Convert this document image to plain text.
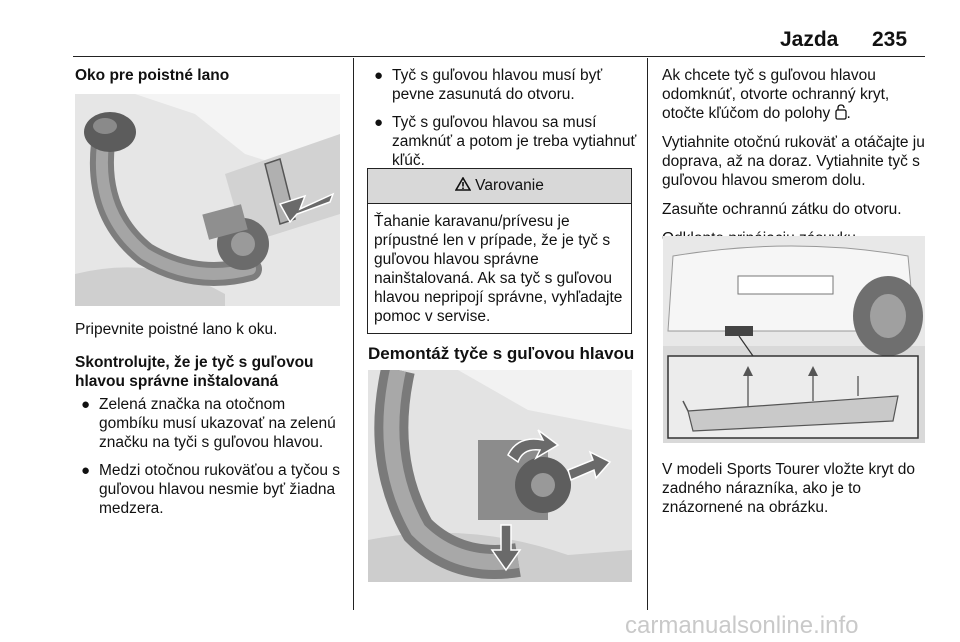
Jazda 235
Oko pre poistné lano

Pripevnite poistné lano k oku.

Skontrolujte, že je tyč s guľovou hlavou správne inštalovaná
● Zelená značka na otočnom gombíku musí ukazovať na zelenú značku na tyči s guľovou hlavou.
● Medzi otočnou rukoväťou a tyčou s guľovou hlavou nesmie byť žiadna medzera.
● Tyč s guľovou hlavou musí byť pevne zasunutá do otvoru.
● Tyč s guľovou hlavou sa musí zamknúť a potom je treba vytiahnuť kľúč.
Varovanie
Ťahanie karavanu/prívesu je prípustné len v prípade, že je tyč s guľovou hlavou správne nainštalovaná. Ak sa tyč s guľovou hlavou nepripojí správne, vyhľadajte pomoc v servise.
Demontáž tyče s guľovou hlavou

Ak chcete tyč s guľovou hlavou odomknúť, otvorte ochranný kryt, otočte kľúčom do polohy .

Vytiahnite otočnú rukoväť a otáčajte ju doprava, až na doraz. Vytiahnite tyč s guľovou hlavou smerom dolu.

Zasuňte ochrannú zátku do otvoru.

V modeli Sports Tourer vložte kryt do zadného nárazníka, ako je to znázornené na obrázku.

carmanualsonline.info
